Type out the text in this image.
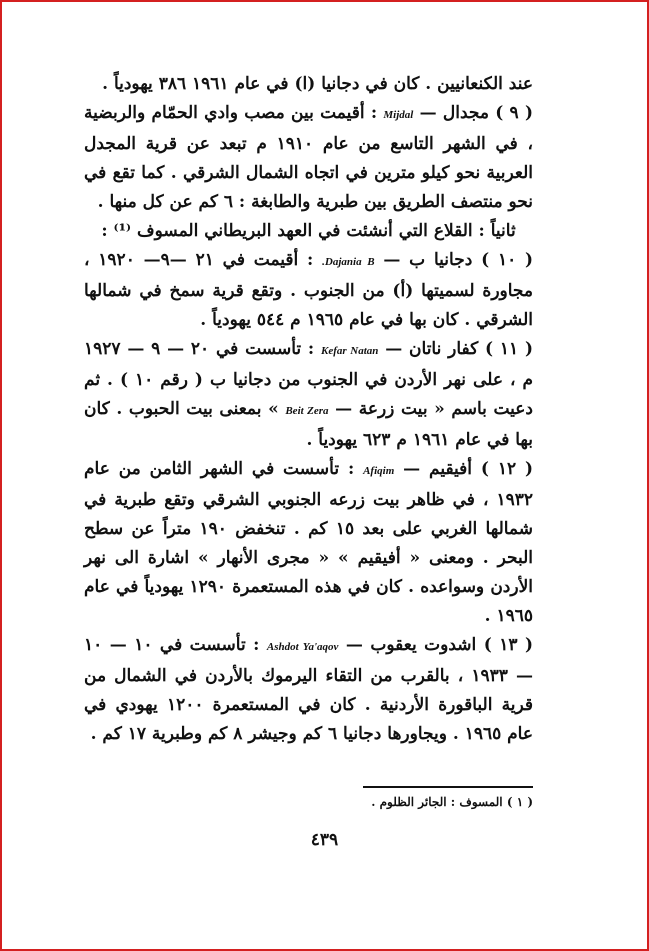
عند الكنعانيين . كان في دجانيا (ا) في عام ١٩٦١ ٣٨٦ يهودياً .

( ٩ ) مجدال — Mijdal : أقيمت بين مصب وادي الحمّام والربضية ، في الشهر التاسع من عام ١٩١٠ م تبعد عن قرية المجدل العربية نحو كيلو مترين في اتجاه الشمال الشرقي . كما تقع في نحو منتصف الطريق بين طبرية والطابغة : ٦ كم عن كل منها .

ثانياً : القلاع التي أنشئت في العهد البريطاني المسوف ⁽¹⁾ :

( ١٠ ) دجانيا ب — Dajania B. : أقيمت في ٢١ —٩— ١٩٢٠ ، مجاورة لسميتها (أ) من الجنوب . وتقع قرية سمخ في شمالها الشرقي . كان بها في عام ١٩٦٥ م ٥٤٤ يهودياً .

( ١١ ) كفار ناتان — Kefar Natan : تأسست في ٢٠ — ٩ — ١٩٢٧ م ، على نهر الأردن في الجنوب من دجانيا ب ( رقم ١٠ ) . ثم دعيت باسم « بيت زرعة — Beit Zera » بمعنى بيت الحبوب . كان بها في عام ١٩٦١ م ٦٢٣ يهودياً .

( ١٢ ) أفيقيم — Afiqim : تأسست في الشهر الثامن من عام ١٩٣٢ ، في ظاهر بيت زرعه الجنوبي الشرقي وتقع طبرية في شمالها الغربي على بعد ١٥ كم . تنخفض ١٩٠ متراً عن سطح البحر . ومعنى « أفيقيم » « مجرى الأنهار » اشارة الى نهر الأردن وسواعده . كان في هذه المستعمرة ١٢٩٠ يهودياً في عام ١٩٦٥ .

( ١٣ ) اشدوت يعقوب — Ashdot Ya'aqov : تأسست في ١٠ — ١٠ — ١٩٣٣ ، بالقرب من التقاء اليرموك بالأردن في الشمال من قرية الباقورة الأردنية . كان في المستعمرة ١٢٠٠ يهودي في عام ١٩٦٥ . ويجاورها دجانيا ٦ كم وجيشر ٨ كم وطبرية ١٧ كم .

( ١ ) المسوف : الجائر الظلوم .
٤٣٩
